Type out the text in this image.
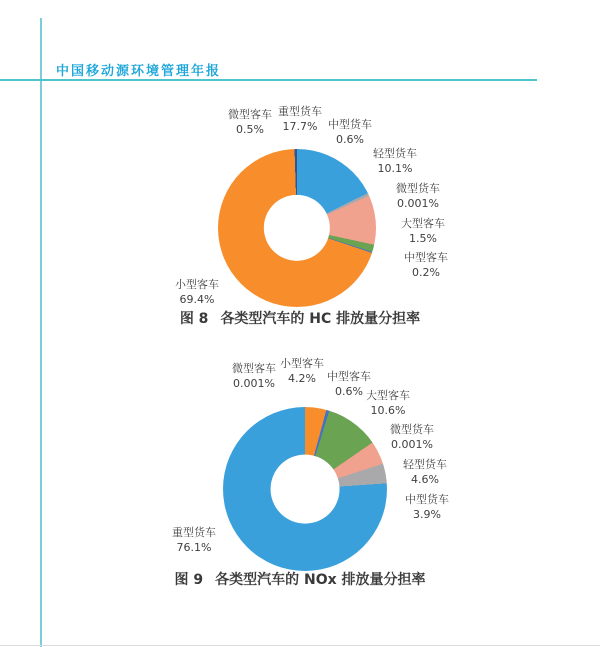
中国移动源环境管理年报
重型货车
17.7% 中型货车
0.6%
轻型货车
10.1%
微型货车
0.001%
大型客车
1.5%
中型客车
0.2%
小型客车
69.4%
微型客车
0.5%
图 8 各类型汽车的 HC 排放量分担率
小型客车
4.2%	中型客车
0.6% 大型客车
10.6%
微型货车
0.001%
轻型货车
4.6%
中型货车
3.9%
重型货车
76.1%
微型客车
0.001%
图 9 各类型汽车的 NOx 排放量分担率
